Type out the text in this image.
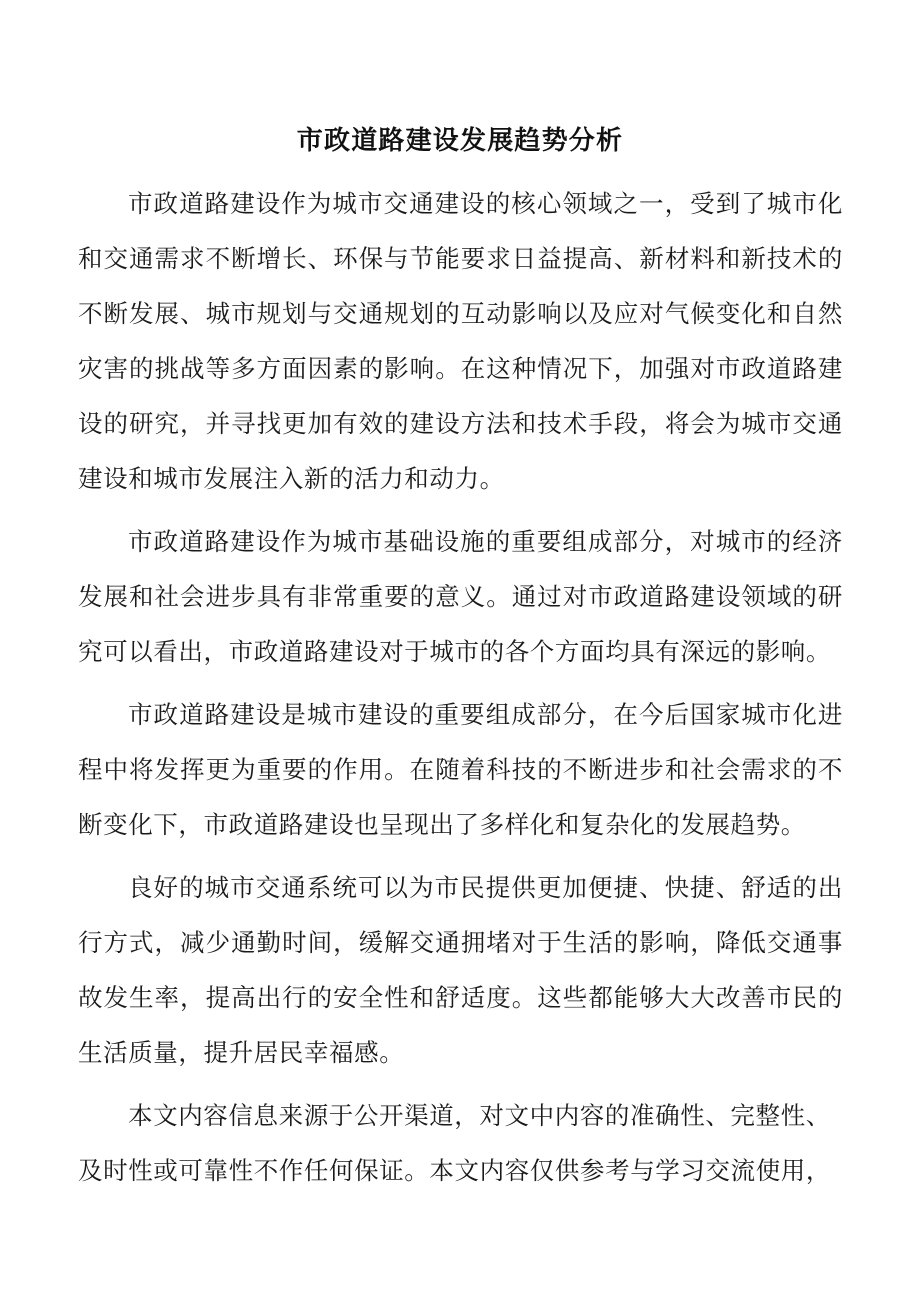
市政道路建设发展趋势分析

市政道路建设作为城市交通建设的核心领域之一，受到了城市化和交通需求不断增长、环保与节能要求日益提高、新材料和新技术的不断发展、城市规划与交通规划的互动影响以及应对气候变化和自然灾害的挑战等多方面因素的影响。在这种情况下，加强对市政道路建设的研究，并寻找更加有效的建设方法和技术手段，将会为城市交通建设和城市发展注入新的活力和动力。

市政道路建设作为城市基础设施的重要组成部分，对城市的经济发展和社会进步具有非常重要的意义。通过对市政道路建设领域的研究可以看出，市政道路建设对于城市的各个方面均具有深远的影响。

市政道路建设是城市建设的重要组成部分，在今后国家城市化进程中将发挥更为重要的作用。在随着科技的不断进步和社会需求的不断变化下，市政道路建设也呈现出了多样化和复杂化的发展趋势。

良好的城市交通系统可以为市民提供更加便捷、快捷、舒适的出行方式，减少通勤时间，缓解交通拥堵对于生活的影响，降低交通事故发生率，提高出行的安全性和舒适度。这些都能够大大改善市民的生活质量，提升居民幸福感。

本文内容信息来源于公开渠道，对文中内容的准确性、完整性、及时性或可靠性不作任何保证。本文内容仅供参考与学习交流使用，
